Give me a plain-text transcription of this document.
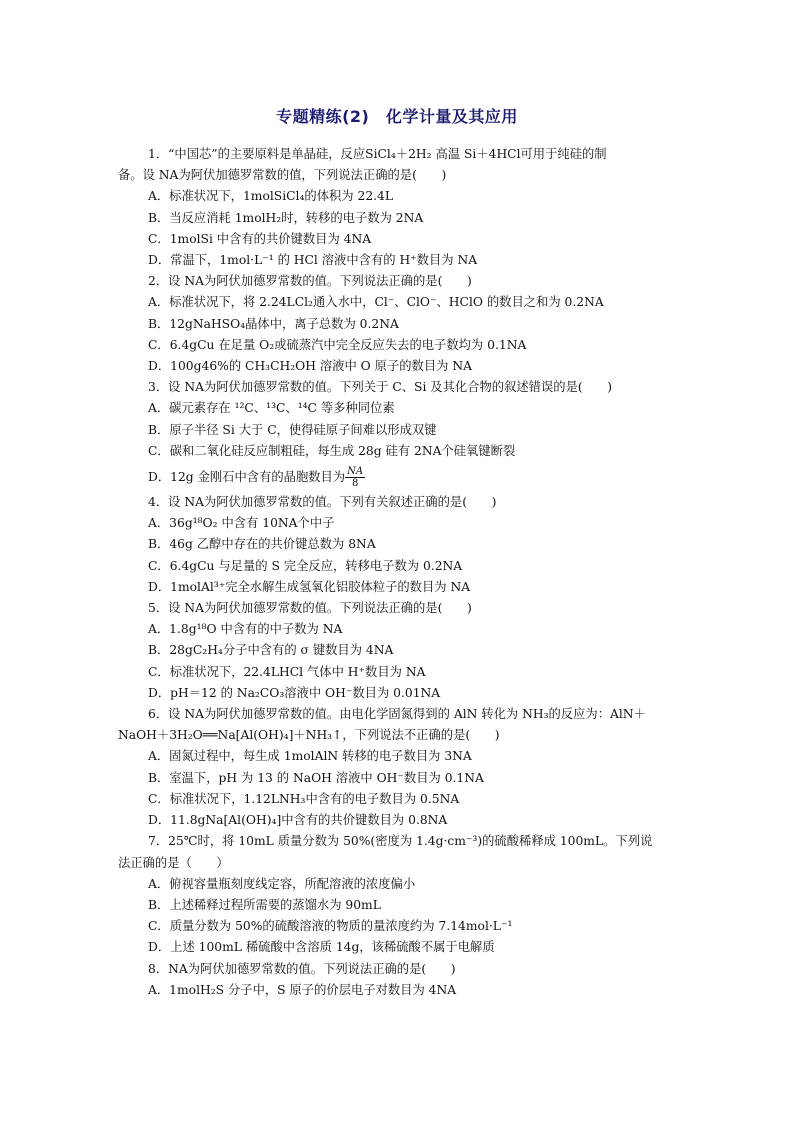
专题精练(2)　化学计量及其应用

1．“中国芯”的主要原料是单晶硅，反应SiCl₄＋2H₂ 高温 Si＋4HCl可用于纯硅的制

备。设 NA为阿伏加德罗常数的值，下列说法正确的是(　　)

A．标准状况下，1molSiCl₄的体积为 22.4L

B．当反应消耗 1molH₂时，转移的电子数为 2NA

C．1molSi 中含有的共价键数目为 4NA

D．常温下，1mol·L⁻¹ 的 HCl 溶液中含有的 H⁺数目为 NA

2．设 NA为阿伏加德罗常数的值。下列说法正确的是(　　)

A．标准状况下，将 2.24LCl₂通入水中，Cl⁻、ClO⁻、HClO 的数目之和为 0.2NA

B．12gNaHSO₄晶体中，离子总数为 0.2NA

C．6.4gCu 在足量 O₂或硫蒸汽中完全反应失去的电子数均为 0.1NA

D．100g46%的 CH₃CH₂OH 溶液中 O 原子的数目为 NA

3．设 NA为阿伏加德罗常数的值。下列关于 C、Si 及其化合物的叙述错误的是(　　)

A．碳元素存在 ¹²C、¹³C、¹⁴C 等多种同位素

B．原子半径 Si 大于 C，使得硅原子间难以形成双键

C．碳和二氧化硅反应制粗硅，每生成 28g 硅有 2NA个硅氧键断裂

D．12g 金刚石中含有的晶胞数目为 $\frac{NA}{8}$

4．设 NA为阿伏加德罗常数的值。下列有关叙述正确的是(　　)

A．36g¹⁸O₂ 中含有 10NA个中子

B．46g 乙醇中存在的共价键总数为 8NA

C．6.4gCu 与足量的 S 完全反应，转移电子数为 0.2NA

D．1molAl³⁺完全水解生成氢氧化铝胶体粒子的数目为 NA

5．设 NA为阿伏加德罗常数的值。下列说法正确的是(　　)

A．1.8g¹⁸O 中含有的中子数为 NA

B．28gC₂H₄分子中含有的 σ 键数目为 4NA

C．标准状况下，22.4LHCl 气体中 H⁺数目为 NA

D．pH＝12 的 Na₂CO₃溶液中 OH⁻数目为 0.01NA

6．设 NA为阿伏加德罗常数的值。由电化学固氮得到的 AlN 转化为 NH₃的反应为：AlN＋

NaOH＋3H₂O══Na[Al(OH)₄]＋NH₃↑，下列说法不正确的是(　　)

A．固氮过程中，每生成 1molAlN 转移的电子数目为 3NA

B．室温下，pH 为 13 的 NaOH 溶液中 OH⁻数目为 0.1NA

C．标准状况下，1.12LNH₃中含有的电子数目为 0.5NA

D．11.8gNa[Al(OH)₄]中含有的共价键数目为 0.8NA

7．25℃时，将 10mL 质量分数为 50%(密度为 1.4g·cm⁻³)的硫酸稀释成 100mL。下列说

法正确的是（　　）

A．俯视容量瓶刻度线定容，所配溶液的浓度偏小

B．上述稀释过程所需要的蒸馏水为 90mL

C．质量分数为 50%的硫酸溶液的物质的量浓度约为 7.14mol·L⁻¹

D．上述 100mL 稀硫酸中含溶质 14g，该稀硫酸不属于电解质

8．NA为阿伏加德罗常数的值。下列说法正确的是(　　)

A．1molH₂S 分子中，S 原子的价层电子对数目为 4NA
